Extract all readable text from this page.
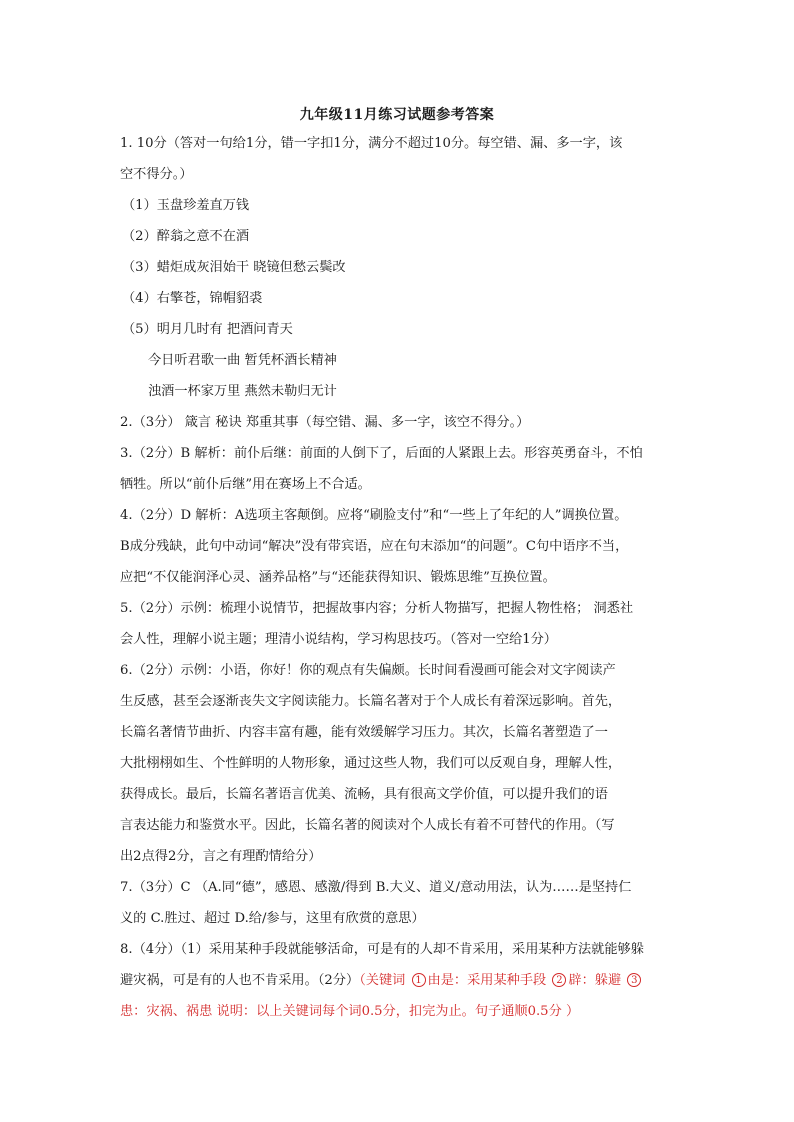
九年级11月练习试题参考答案
1. 10分（答对一句给1分，错一字扣1分，满分不超过10分。每空错、漏、多一字，该
空不得分。）
（1）玉盘珍羞直万钱
（2）醉翁之意不在酒
（3）蜡炬成灰泪始干 晓镜但愁云鬓改
（4）右擎苍，锦帽貂裘
（5）明月几时有 把酒问青天
今日听君歌一曲 暂凭杯酒长精神
浊酒一杯家万里 燕然未勒归无计
2.（3分） 箴言 秘诀 郑重其事（每空错、漏、多一字，该空不得分。）
3.（2分）B 解析：前仆后继：前面的人倒下了，后面的人紧跟上去。形容英勇奋斗，不怕
牺牲。所以“前仆后继”用在赛场上不合适。
4.（2分）D 解析：A选项主客颠倒。应将“刷脸支付”和“一些上了年纪的人”调换位置。
B成分残缺，此句中动词“解决”没有带宾语，应在句末添加“的问题”。C句中语序不当，
应把“不仅能润泽心灵、涵养品格”与“还能获得知识、锻炼思维”互换位置。
5.（2分）示例：梳理小说情节，把握故事内容；分析人物描写，把握人物性格； 洞悉社
会人性，理解小说主题；理清小说结构，学习构思技巧。（答对一空给1分）
6.（2分）示例：小语，你好！你的观点有失偏颇。长时间看漫画可能会对文字阅读产
生反感，甚至会逐渐丧失文字阅读能力。长篇名著对于个人成长有着深远影响。首先，
长篇名著情节曲折、内容丰富有趣，能有效缓解学习压力。其次，长篇名著塑造了一
大批栩栩如生、个性鲜明的人物形象，通过这些人物，我们可以反观自身，理解人性，
获得成长。最后，长篇名著语言优美、流畅，具有很高文学价值，可以提升我们的语
言表达能力和鉴赏水平。因此，长篇名著的阅读对个人成长有着不可替代的作用。（写
出2点得2分，言之有理酌情给分）
7.（3分）C （A.同“德”，感恩、感激/得到 B.大义、道义/意动用法，认为……是坚持仁
义的 C.胜过、超过 D.给/参与，这里有欣赏的意思）
8.（4分）（1）采用某种手段就能够活命，可是有的人却不肯采用，采用某种方法就能够躲
避灾祸，可是有的人也不肯采用。（2分）（关键词 1 由是：采用某种手段 2 辟：躲避 3
患：灾祸、祸患 说明：以上关键词每个词0.5分，扣完为止。句子通顺0.5分 ）
